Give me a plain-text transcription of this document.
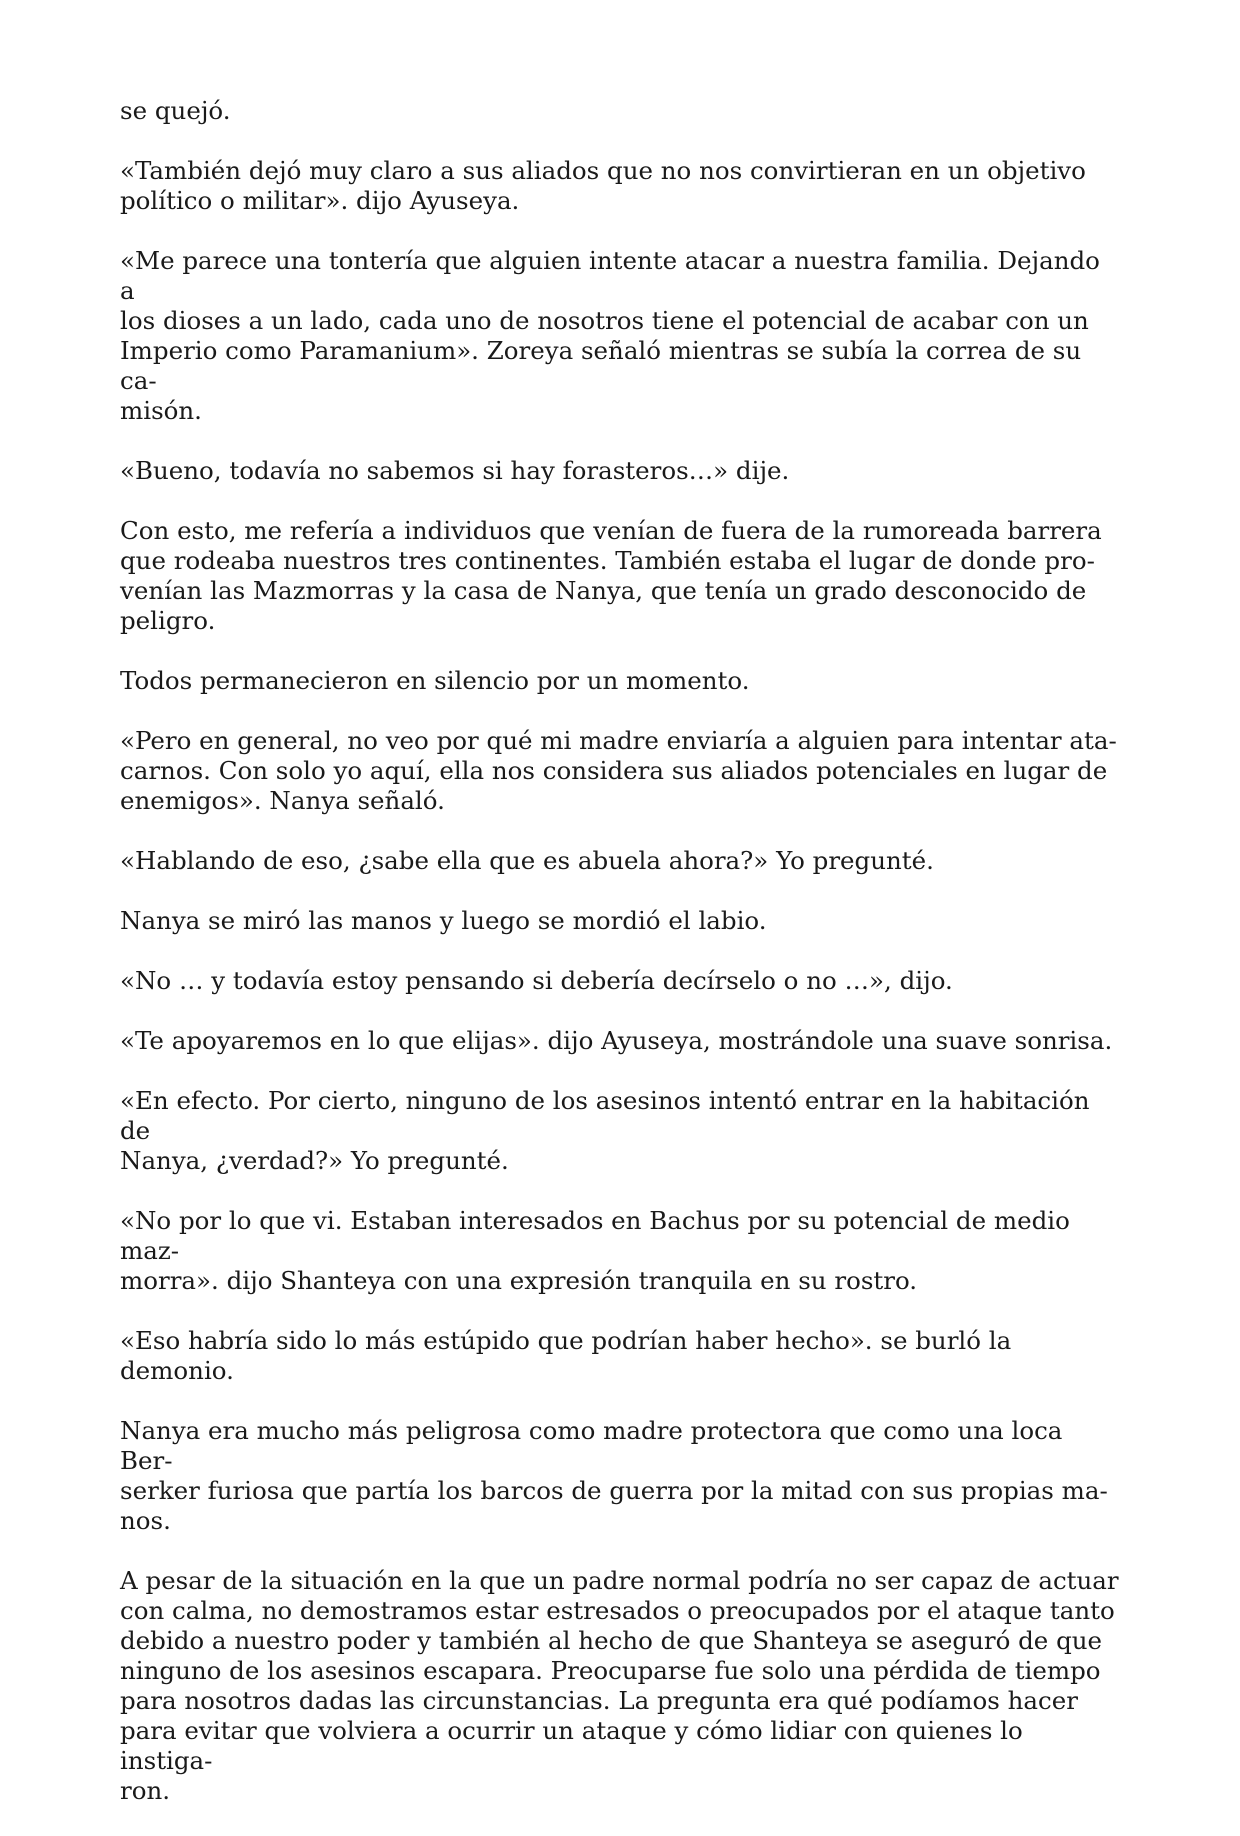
se quejó.

«También dejó muy claro a sus aliados que no nos convirtieran en un objetivo
político o militar». dijo Ayuseya.

«Me parece una tontería que alguien intente atacar a nuestra familia. Dejando a
los dioses a un lado, cada uno de nosotros tiene el potencial de acabar con un
Imperio como Paramanium». Zoreya señaló mientras se subía la correa de su ca-
misón.

«Bueno, todavía no sabemos si hay forasteros…» dije.

Con esto, me refería a individuos que venían de fuera de la rumoreada barrera
que rodeaba nuestros tres continentes. También estaba el lugar de donde pro-
venían las Mazmorras y la casa de Nanya, que tenía un grado desconocido de
peligro.

Todos permanecieron en silencio por un momento.

«Pero en general, no veo por qué mi madre enviaría a alguien para intentar ata-
carnos. Con solo yo aquí, ella nos considera sus aliados potenciales en lugar de
enemigos». Nanya señaló.

«Hablando de eso, ¿sabe ella que es abuela ahora?» Yo pregunté.

Nanya se miró las manos y luego se mordió el labio.

«No … y todavía estoy pensando si debería decírselo o no …», dijo.

«Te apoyaremos en lo que elijas». dijo Ayuseya, mostrándole una suave sonrisa.

«En efecto. Por cierto, ninguno de los asesinos intentó entrar en la habitación de
Nanya, ¿verdad?» Yo pregunté.

«No por lo que vi. Estaban interesados en Bachus por su potencial de medio maz-
morra». dijo Shanteya con una expresión tranquila en su rostro.

«Eso habría sido lo más estúpido que podrían haber hecho». se burló la demonio.

Nanya era mucho más peligrosa como madre protectora que como una loca Ber-
serker furiosa que partía los barcos de guerra por la mitad con sus propias ma-
nos.

A pesar de la situación en la que un padre normal podría no ser capaz de actuar
con calma, no demostramos estar estresados o preocupados por el ataque tanto
debido a nuestro poder y también al hecho de que Shanteya se aseguró de que
ninguno de los asesinos escapara. Preocuparse fue solo una pérdida de tiempo
para nosotros dadas las circunstancias. La pregunta era qué podíamos hacer
para evitar que volviera a ocurrir un ataque y cómo lidiar con quienes lo instiga-
ron.
